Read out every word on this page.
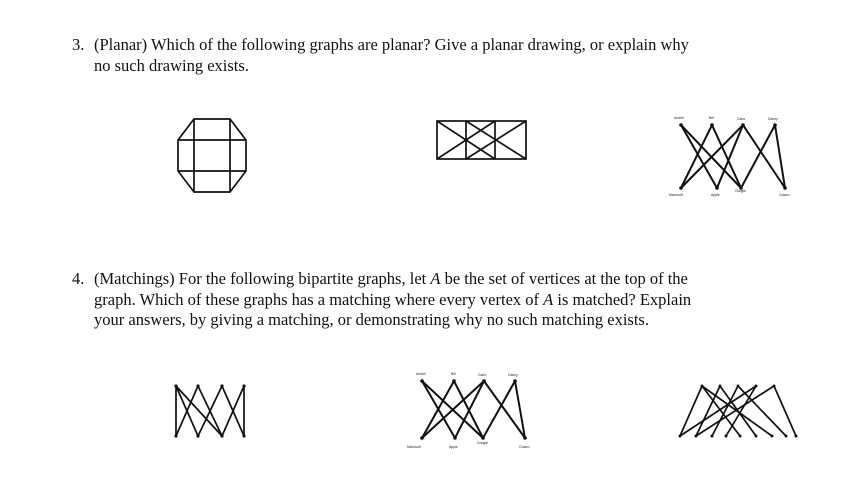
3. (Planar) Which of the following graphs are planar? Give a planar drawing, or explain why
no such drawing exists.
Andrei	Bill	Carlo	Danny
Microsoft	Apple
Google
Costco
4. (Matchings) For the following bipartite graphs, let A be the set of vertices at the top of the
graph. Which of these graphs has a matching where every vertex of A is matched? Explain
your answers, by giving a matching, or demonstrating why no such matching exists.
Andrei	Bill	Carlo	Danny
Microsoft	Apple
Google
Costco
